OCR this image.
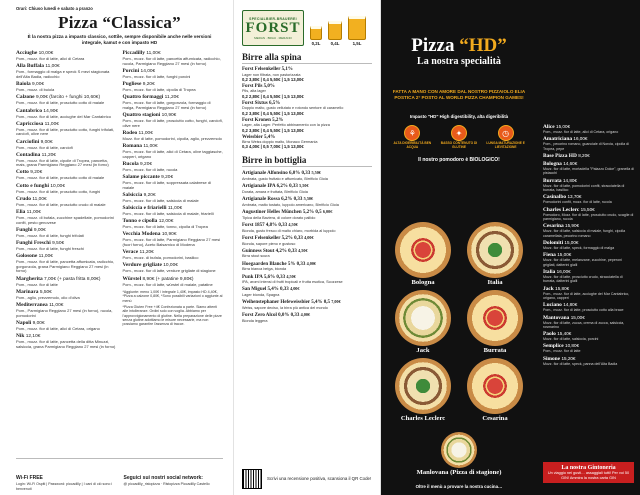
Orari: Chiuso lunedì e sabato a pranzo
Pizza “Classica”
È la nostra pizza a impasto classico, sottile, sempre disponibile anche nelle versioni integrale, kamut e con impasto HD
Acciughe 10,00€
Pom., mozz. fior di latte, alici di Cetara
Alla Buffala 11,00€
Pom., formaggio di malga e speck S mezi stagionata dell'Alta Badia, radicchio
Baiola 9,00€
Pom., mozz. di buiola
Calzone 9,00€ (farcito + funghi 10,60€)
Pom., mozz. fior di latte, prosciutto cotto di maiale
Cantabrico 14,90€
Pom., mozz. fior di latte, acciughe del Mar Cantabrico
Capricciosa 11,00€
Pom., mozz. fior di latte, prosciutto cotto, funghi trifolati, carciofi, olive nere
Carciofini 9,00€
Pom., mozz. fior di latte, carciofi
Contadina 11,20€
Pom., mozz. fior di latte, cipolle di Tropea, pancetta, mais, grana Parmigiano Reggiano 27 mesi (in forno)
Cotto 9,20€
Pom., mozz. fior di latte, prosciutto cotto di maiale
Cotto e funghi 10,00€
Pom., mozz. fior di latte, prosciutto cotto, funghi
Crudo 11,00€
Pom., mozz. fior di latte, prosciutto crudo di maiale
Elia 11,00€
Pom., mozz. di bufala, zucchine spadellate, pomodorini confit, pesto genovese
Funghi 9,00€
Pom., mozz. fior di latte, funghi trifolati
Funghi Freschi 9,50€
Pom., mozz. fior di latte, funghi freschi
Golosone 11,00€
Pom., mozz. fior di latte, pancetta affumicata, radicchio, gorgonzola, grana Parmigiano Reggiano 27 mesi (in forno)
Margherita 7,00€ (+ pasta fritta 8,00€)
Pom., mozz. fior di latte
Marinara 5,50€
Pom., aglio, prezzemolo, olio d'oliva
Mediterranea 11,00€
Pom., Parmigiano Reggiano 27 mesi (in forno), rucola, pomodorini
Napoli 9,00€
Pom., mozz. fior di latte, alici di Cetara, origano
Nik 12,10€
Pom., mozz. fior di latte, pancetta della ditta Minuzzi, salsiccia, grana Parmigiano Reggiano 27 mesi (in forno)
Piccadilly 11,00€
Pom., mozz. fior di latte, pancetta affumicata, radicchio, rucola, Parmigiano Reggiano 27 mesi (in forno)
Porcini 14,00€
Pom., mozz. fior di latte, funghi porcini
Pugliese 9,20€
Pom., mozz. fior di latte, cipolla di Tropea
Quattro formaggi 11,20€
Pom., mozz. fior di latte, gorgonzola, formaggio di malga, Parmigiano Reggiano 27 mesi (in forno)
Quattro stagioni 10,90€
Pom., mozz. fior di latte, prosciutto cotto, funghi, carciofi, olive nere
Rodeo 11,00€
Mozz. fior di latte, pomodorini, cipolla, aglio, prezzemolo
Romana 11,00€
Pom., mozz. fior di latte, alici di Cetara, olive taggiasche, capperi, origano
Rucola 9,20€
Pom., mozz. fior di latte, rucola
Salame piccante 9,20€
Pom., mozz. fior di latte, soppressata calabrese di maiale
Salsiccia 9,20€
Pom., mozz. fior di latte, salsiccia di maiale
Salsiccia e friarielli 11,00€
Pom., mozz. fior di latte, salsiccia di maiale, friarielli
Tonno e cipolla 12,00€
Pom., mozz. fior di latte, tonno, cipolla di Tropea
Vecchia Modena 10,90€
Pom., mozz. fior di latte, Parmigiano Reggiano 27 mesi (fuori forno), Aceto Balsamico di Modena
Verace 11,20€
Pom., mozz. di bufala, pomodorini, basilico
Verdure grigliate 10,00€
Pom., mozz. fior di latte, verdure grigliate di stagione
Würstel 8,90€ (+ patatine 9,80€)
Pom., mozz. fior di latte, würstel di maiale, patatine

*Aggiunte: meno 1,00€ / integrale 1,40€, impasto HD 4,40€, *Pizza a calzone 0,80€, *Sono possibili variazioni o aggiunte al menù

*Pizza Gluten Free +4€ Confezionata a parte. Siamo attenti alle intolleranze. Ordini solo con voglia. Abbiamo per l'approvvigionamento di glutine. Nella preparazione delle pizze senza glutine adottiamo le misure necessarie, ma non possiamo garantire l'assenza di tracce.

Wi-Fi FREE
Login: Wi-Fi Ospiti | Password: piccadilly | I cani di ciò sono i benvenuti
Seguici sui nostri social network:
@ piccadilly_ristopizza · Ristopizza Piccadilly Castello
SPECIALBIER-BRAUEREI
FORST
MERAN · BRAU · MERANO
0,2L 0,4L	1,5L
Birre alla spina
Forst Felsenkeller 5,1%
Lager non filtrata, non pastorizzata
0,2 3,80€ | 0,4 5,50€ | 1,5 13,00€
Forst Pils 5,0%
Pils, alta lager
0,2 2,80€ | 0,4 5,50€ | 1,5 13,00€
Forst Sixtus 6,5%
Doppio malto, gusto vellutato e rotondo sentore di caramello
0,2 3,80€ | 0,4 5,50€ | 1,5 13,00€
Forst Kronen 5,2%
Lager, alta Lager. Perfetto abbinamento con la pizza
0,2 3,80€ | 0,4 5,50€ | 1,5 13,00€
Weissbier 5,4%
Birra Weiss doppio malto, Monaco Germania
0,3 4,00€ | 0,5 7,00€ | 1,5 13,00€
Birre in bottiglia
Artigianale Alfonsino 6,0% 0,33 5,50€
Ambrata, gusto fruttato e affumicato, Birrificio Gioia
Artigianale IPA 6,2% 0,33 5,50€
Dorata, amara e fruttata, Birrificio Gioia
Artigianale Rossa 6,2% 0,33 5,50€
Ambrata, malto tostato, luppolo americano, Birrificio Gioia
Augustiner Helles München 5,2% 0,5 6,00€
Tipica della Baviera, di colore dorato pallido
Forst 1857 4,8% 0,33 4,50€
Bionda, gusto fresco di malto chiaro, morbida al luppolo
Forst Felsenkeller 5,2% 0,33 4,00€
Bionda, sapore pieno e gustoso
Guinness Stout 4,2% 0,33 4,50€
Birra stout scura
Hoegaarden Blanche 5% 0,33 4,00€
Birra bianca belga, bionda
Punk IPA 5,6% 0,33 4,50€
IPA, aromi intensi di frutti tropicali e frutta esotica, Scozzese
San Miguel 5,4% 0,33 4,00€
Lager bionda, Spagna
Weihenstephaner Hefeweissbier 5,4% 0,5 7,00€
Weiss, sapore deciso, la birra più antica del mondo
Forst Zero Alcol 0,0% 0,33 4,00€
Bionda leggera
Scrivi una recensione positiva, scansiona il QR Code!
Pizza “HD”
La nostra specialità
FATTA A MANO CON AMORE DAL NOSTRO PIZZAIOLO ELIA POSTICA 2° POSTO AL WORLD PIZZA CHAMPION GAMES!
Impasto "HD" High digestibility, alta digeribilità
⚘
ALTA DIGERIBILITÀ BEN ACQUA
✦
BASSO CONTENUTO DI GLUTINE
◷
LUNGA MATURAZIONE E LIEVITAZIONE
Il nostro pomodoro è BIOLOGICO!
Bologna	Italia
Jack	Burrata
Charles Leclerc	Cesarina
Manlovana (Pizza di stagione)
Oltre il menù a provare la nostra cucina…
Alice 15,00€
Pom., mozz. fior di latte, alici di Cetara, origano
Amatriciana 16,00€
Pom., pecorino romano, guanciale di Norcia, cipolla di Tropea, pepe
Base Pizza HD 8,20€
Bologna 14,60€
Mozz. fior di latte, mortadella "Palazzo Dolce", granella di pistacchi
Burrata 14,80€
Mozz. fior di latte, pomodorini confit, stracciatella di burrata, basilico
Casinalbo 13,70€
Pomodorini confit, mozz. fior di latte, rucola
Charles Leclerc 15,50€
Pomodoro, Mozz. fior di latte, prosciutto crudo, scaglie di parmigiano, rucola
Cesarina 15,90€
Mozz. fior di latte, salsiccia di maiale, funghi, cipolla caramellata, pecorino romano
Dolomiti 15,00€
Mozz. fior di latte, speck, formaggio di malga
Fiena 15,00€
Mozz. fior di latte, melanzane, zucchine, peperoni grigliati, datterini gialli
Italia 16,00€
Mozz. fior di latte, prosciutto crudo, stracciatella di burrata, datterini gialli
Jack 15,80€
Pom., mozz. fior di latte, acciughe del Mar Cantabrico, origano, capperi
Luciano 14,80€
Pom., mozz. fior di latte, prosciutto cotto alla brace
Mantovana 15,00€
Mozz. fior di latte, zucca, crema di zucca, salsiccia, rosmarino
Paolo 15,40€
Mozz. fior di latte, salsiccia, porcini
Semplice 10,80€
Pom., mozz. fior di latte
Simone 15,20€
Mozz. fior di latte, speck, panna dell'Alta Badia
La nostra Gintoneria
Un viaggio nei gusti… assaggiali tutti! Per voi 50 GIN! Ammira la nostra carta GIN
